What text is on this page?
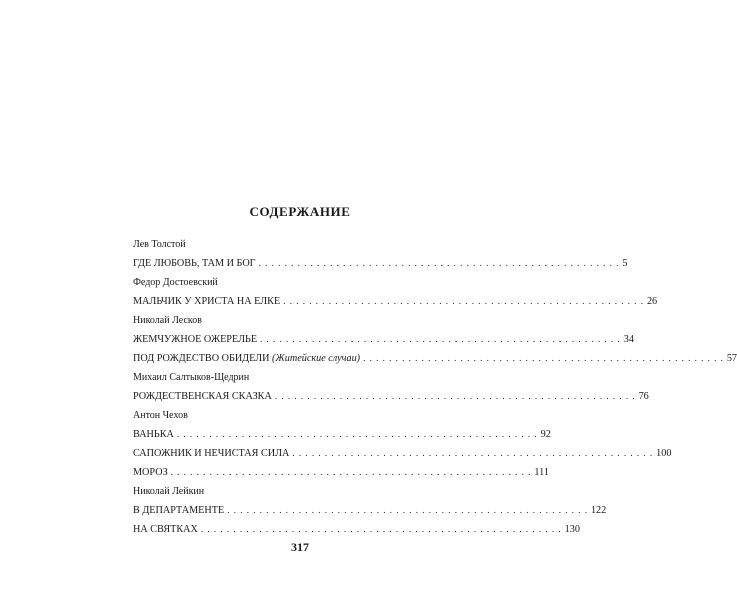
СОДЕРЖАНИЕ
Лев Толстой
ГДЕ ЛЮБОВЬ, ТАМ И БОГ . . . . . . . . . . . . . . . . . . . . . . . . . . . . . . . . . . . . . . . . . . . . . . . . . . . . . . . . 5
Федор Достоевский
МАЛЬЧИК У ХРИСТА НА ЕЛКЕ . . . . . . . . . . . . . . . . . . . . . . . . . . . . . . . . . . . . . . . . . . . . . . . . . . . . . . . . 26
Николай Лесков
ЖЕМЧУЖНОЕ ОЖЕРЕЛЬЕ . . . . . . . . . . . . . . . . . . . . . . . . . . . . . . . . . . . . . . . . . . . . . . . . . . . . . . . . 34
ПОД РОЖДЕСТВО ОБИДЕЛИ (Житейские случаи) . . . . . . . . . . . . . . . . . . . . . . . . . . . . . . . . . . . . . . . . . . . . . . . . . . . . . . . . 57
Михаил Салтыков-Щедрин
РОЖДЕСТВЕНСКАЯ СКАЗКА . . . . . . . . . . . . . . . . . . . . . . . . . . . . . . . . . . . . . . . . . . . . . . . . . . . . . . . . 76
Антон Чехов
ВАНЬКА . . . . . . . . . . . . . . . . . . . . . . . . . . . . . . . . . . . . . . . . . . . . . . . . . . . . . . . . 92
САПОЖНИК И НЕЧИСТАЯ СИЛА . . . . . . . . . . . . . . . . . . . . . . . . . . . . . . . . . . . . . . . . . . . . . . . . . . . . . . . . 100
МОРОЗ . . . . . . . . . . . . . . . . . . . . . . . . . . . . . . . . . . . . . . . . . . . . . . . . . . . . . . . . 111
Николай Лейкин
В ДЕПАРТАМЕНТЕ . . . . . . . . . . . . . . . . . . . . . . . . . . . . . . . . . . . . . . . . . . . . . . . . . . . . . . . . 122
НА СВЯТКАХ . . . . . . . . . . . . . . . . . . . . . . . . . . . . . . . . . . . . . . . . . . . . . . . . . . . . . . . . 130
317
